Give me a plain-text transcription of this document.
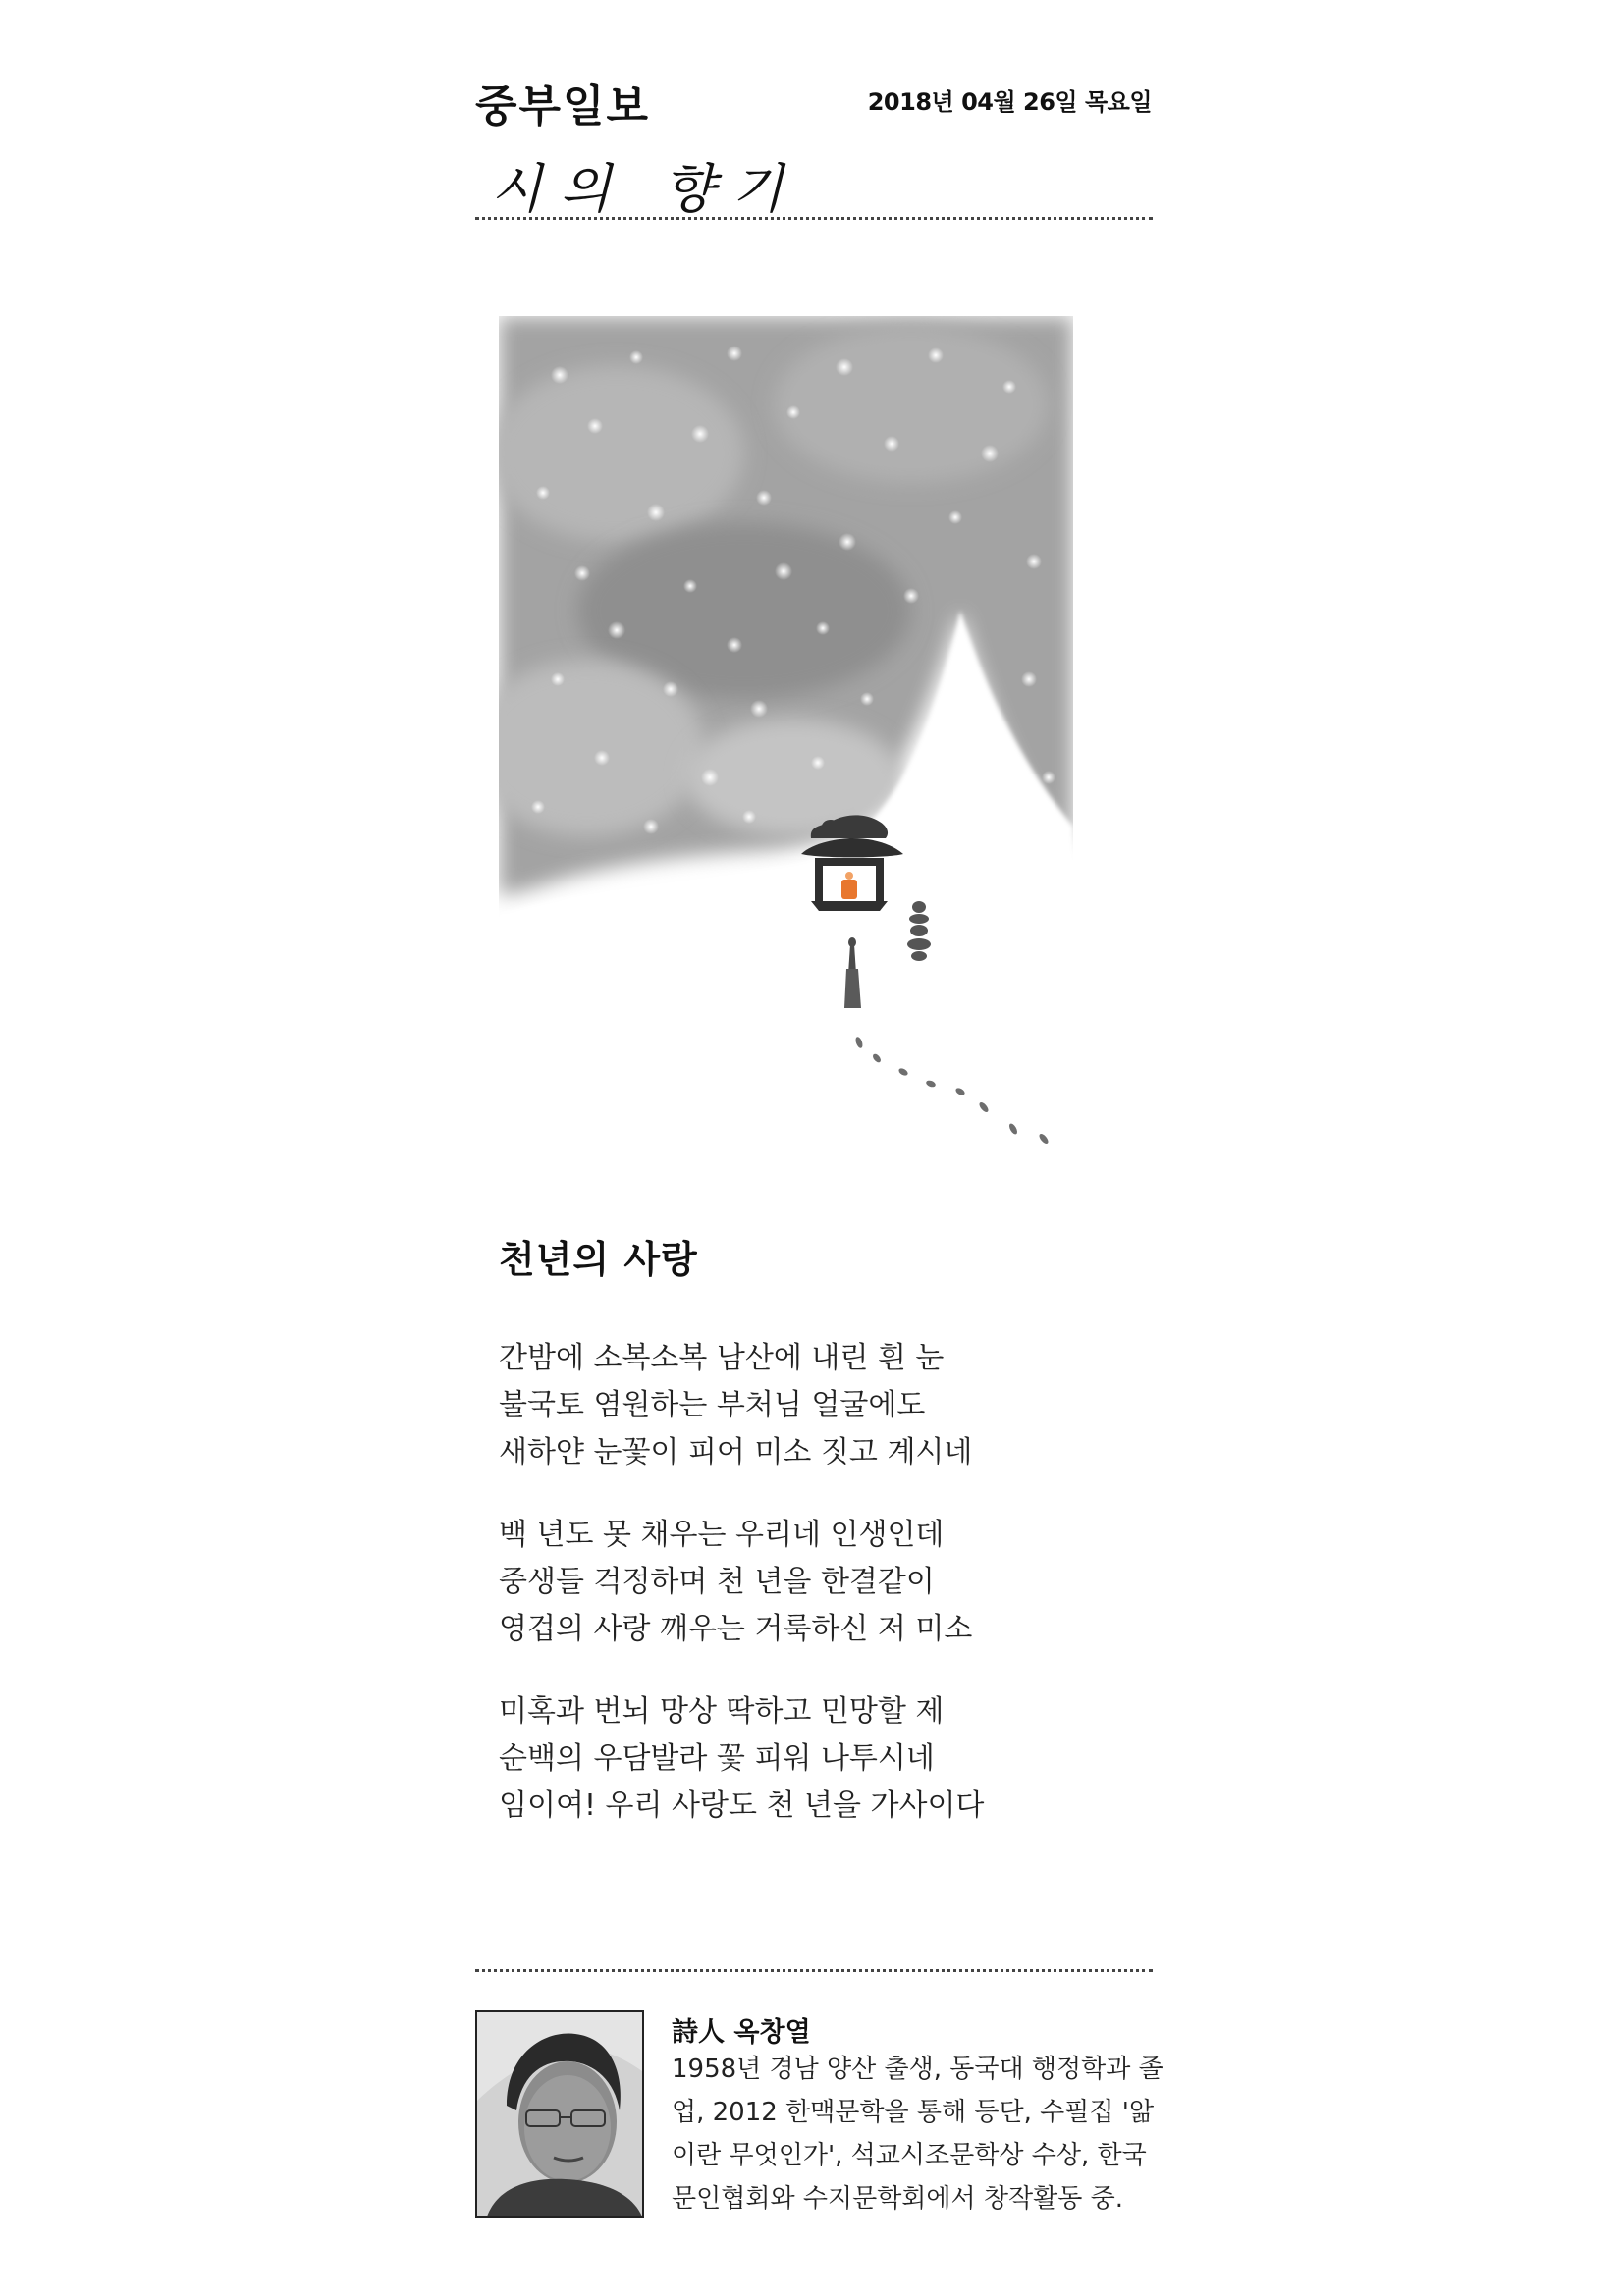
중부일보	2018년 04월 26일 목요일
시의 향기
천년의 사랑
간밤에 소복소복 남산에 내린 흰 눈
불국토 염원하는 부처님 얼굴에도
새하얀 눈꽃이 피어 미소 짓고 계시네
백 년도 못 채우는 우리네 인생인데
중생들 걱정하며 천 년을 한결같이
영겁의 사랑 깨우는 거룩하신 저 미소
미혹과 번뇌 망상 딱하고 민망할 제
순백의 우담발라 꽃 피워 나투시네
임이여! 우리 사랑도 천 년을 가사이다
詩人 옥창열
1958년 경남 양산 출생, 동국대 행정학과 졸
업, 2012 한맥문학을 통해 등단, 수필집 '앎
이란 무엇인가', 석교시조문학상 수상, 한국
문인협회와 수지문학회에서 창작활동 중.
